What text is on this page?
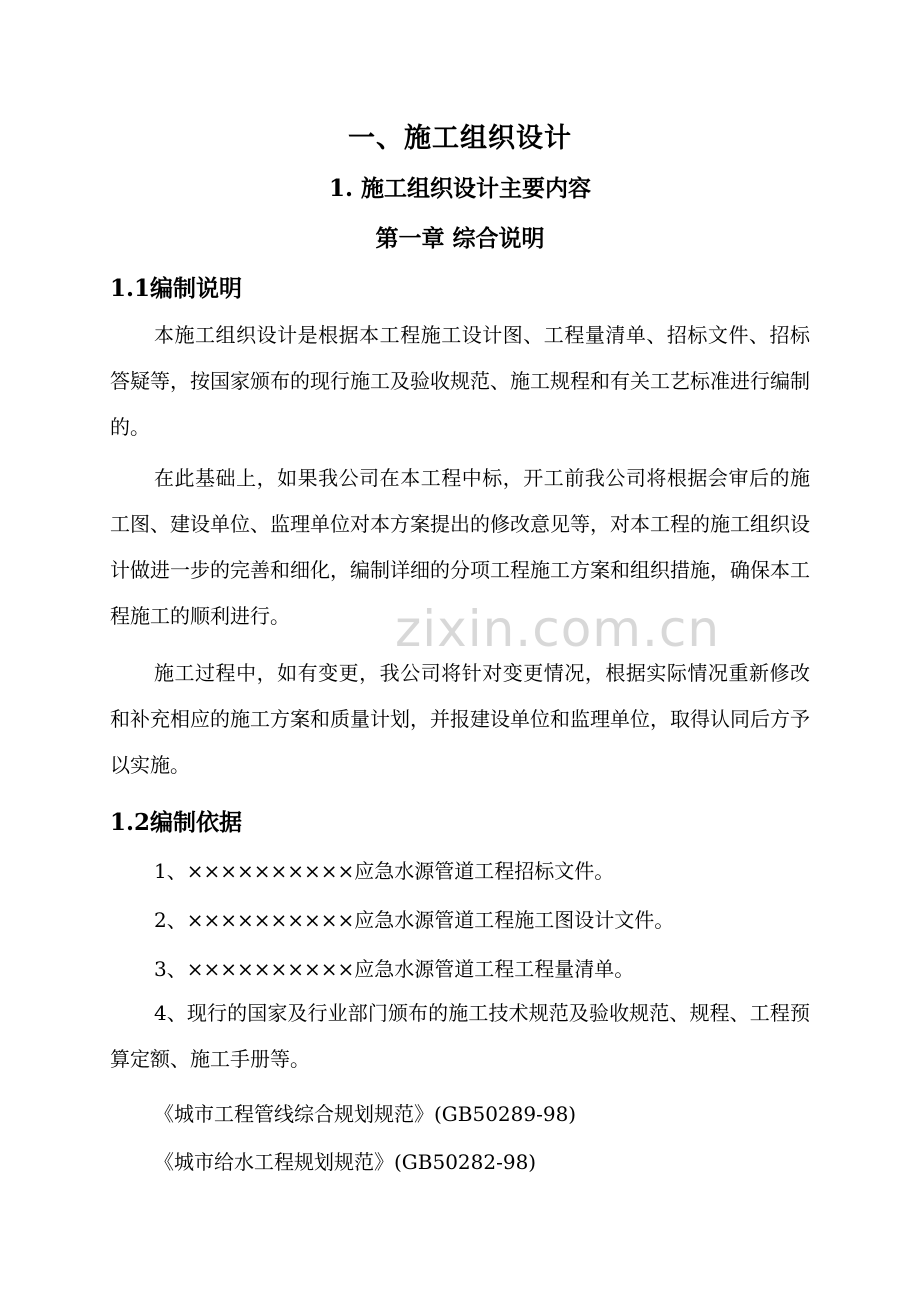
一、施工组织设计
1. 施工组织设计主要内容
第一章 综合说明
1.1编制说明
本施工组织设计是根据本工程施工设计图、工程量清单、招标文件、招标答疑等，按国家颁布的现行施工及验收规范、施工规程和有关工艺标准进行编制的。
在此基础上，如果我公司在本工程中标，开工前我公司将根据会审后的施工图、建设单位、监理单位对本方案提出的修改意见等，对本工程的施工组织设计做进一步的完善和细化，编制详细的分项工程施工方案和组织措施，确保本工程施工的顺利进行。
施工过程中，如有变更，我公司将针对变更情况，根据实际情况重新修改和补充相应的施工方案和质量计划，并报建设单位和监理单位，取得认同后方予以实施。
1.2编制依据
1、××××××××××应急水源管道工程招标文件。
2、××××××××××应急水源管道工程施工图设计文件。
3、××××××××××应急水源管道工程工程量清单。
4、现行的国家及行业部门颁布的施工技术规范及验收规范、规程、工程预算定额、施工手册等。
《城市工程管线综合规划规范》(GB50289-98)
《城市给水工程规划规范》(GB50282-98)
zixin.com.cn
